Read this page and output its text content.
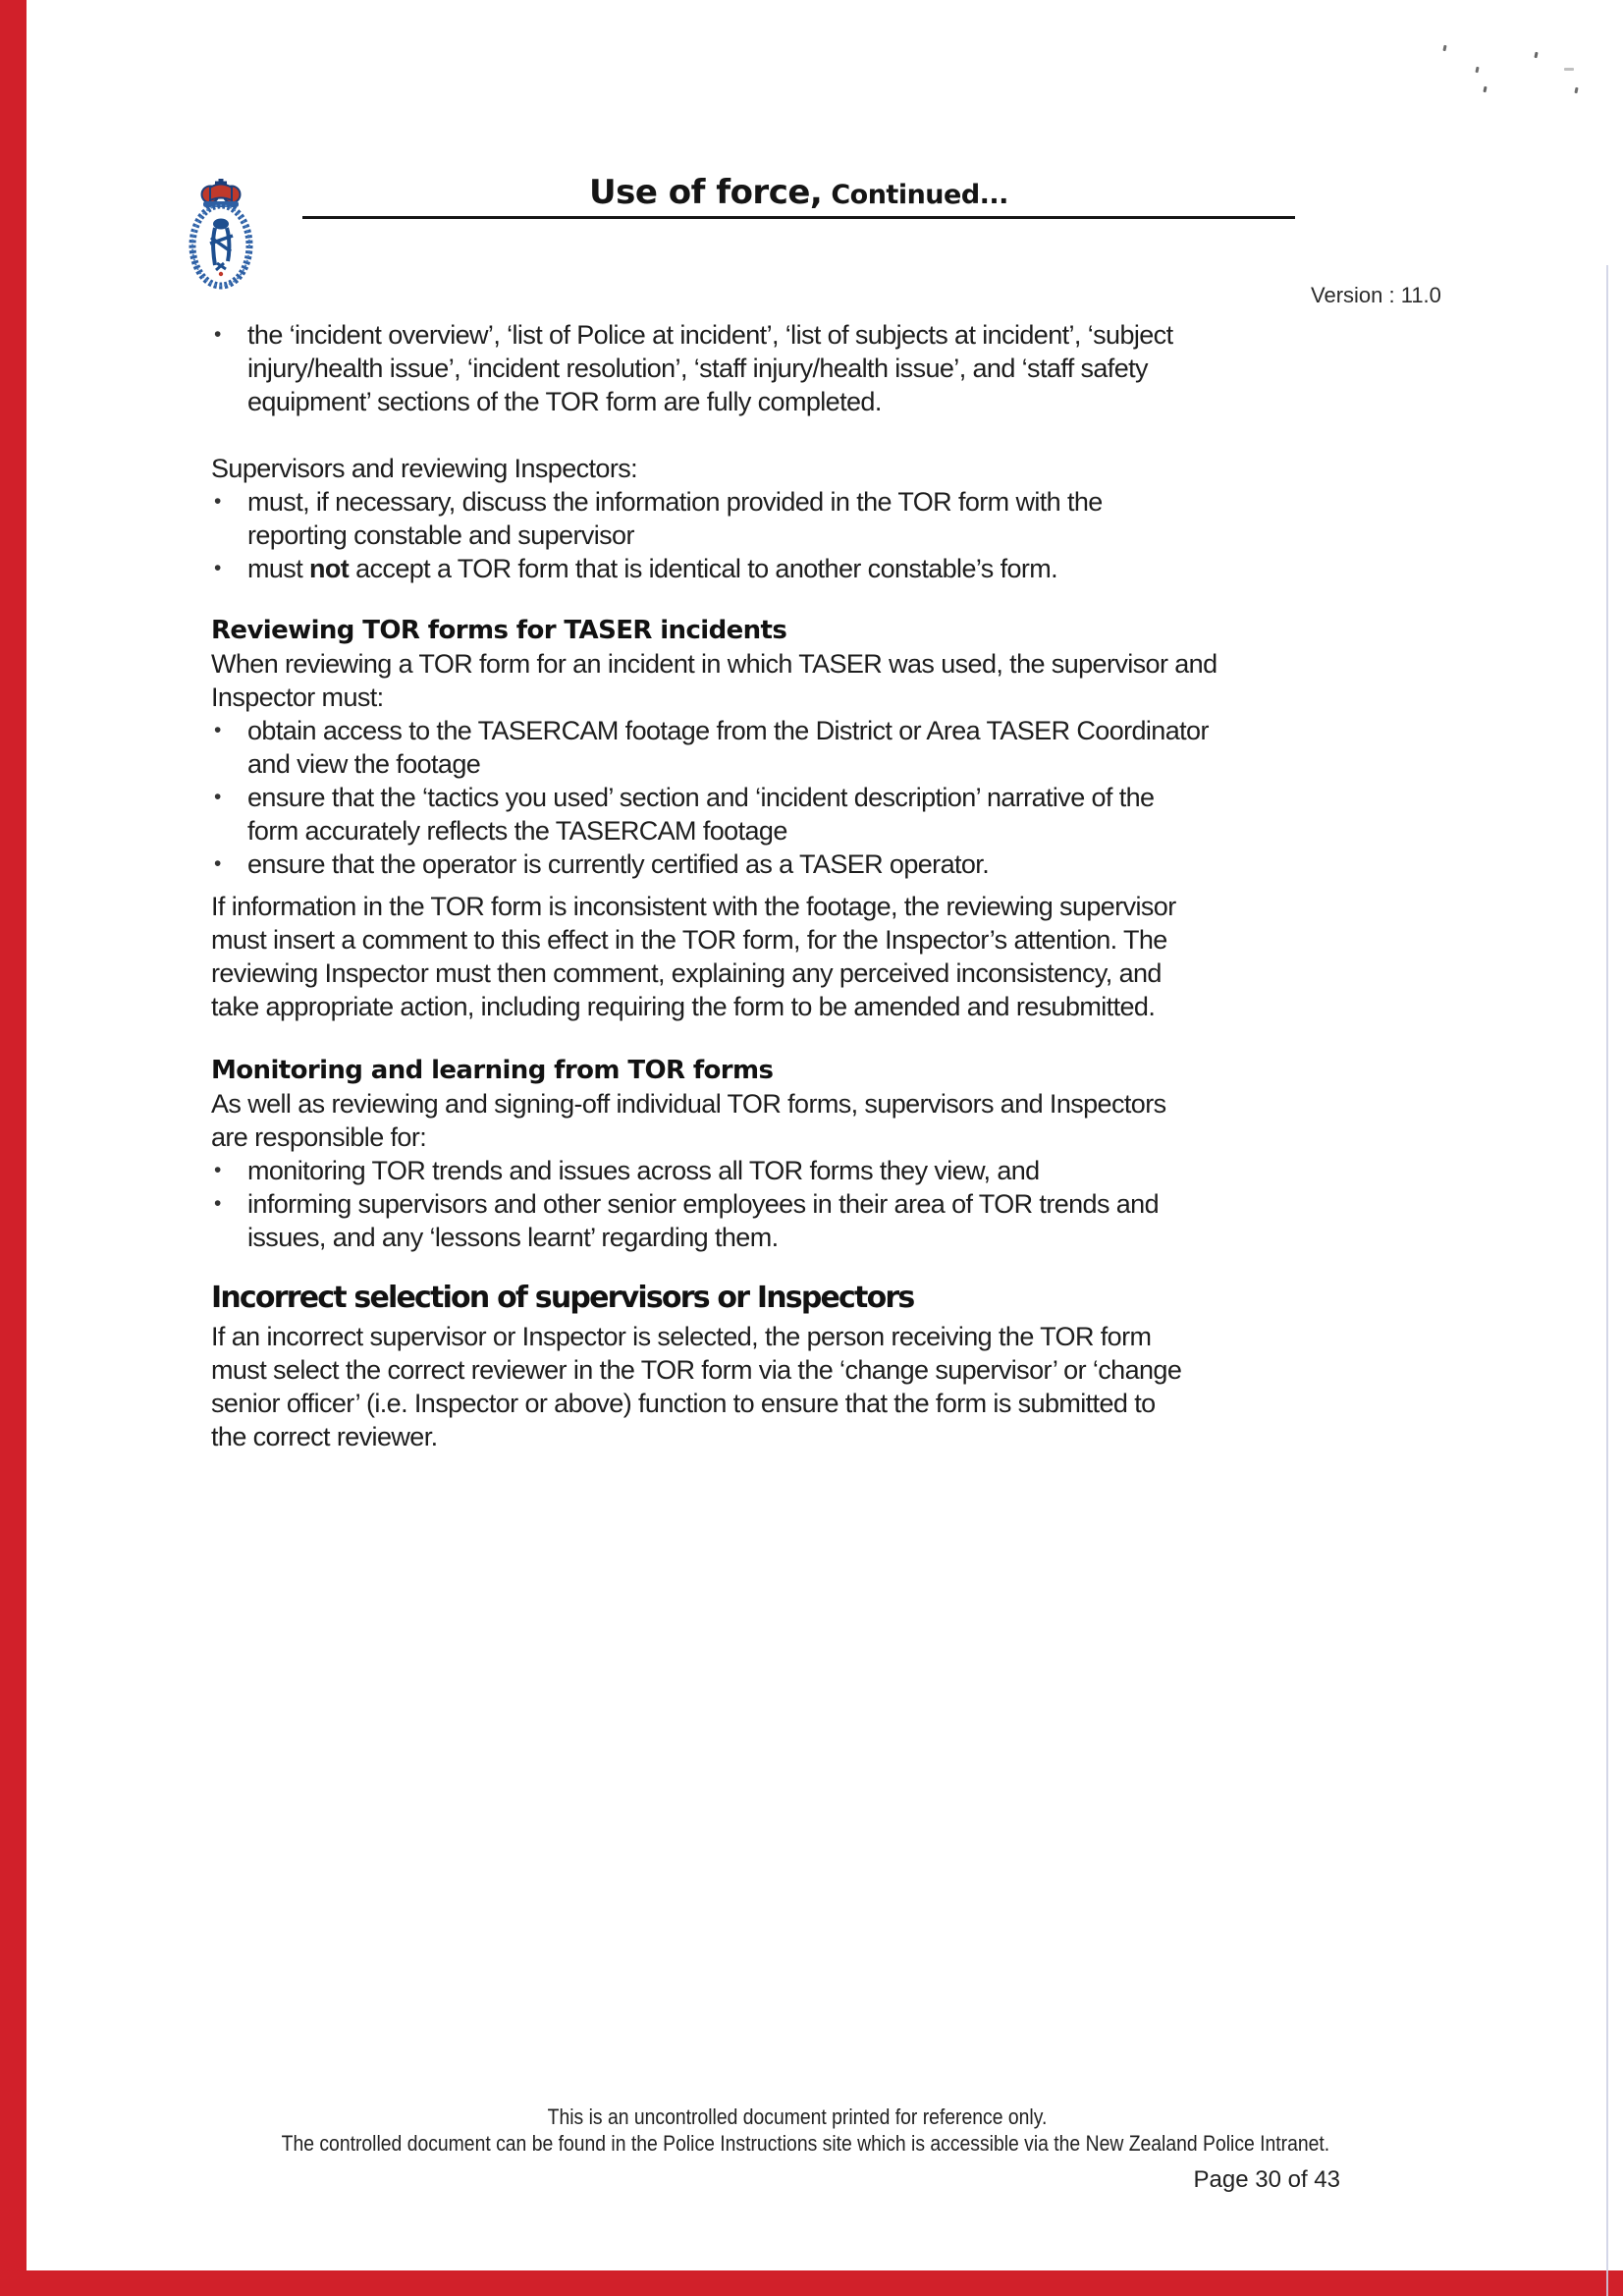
Use of force, Continued...
Version : 11.0
• the ‘incident overview’, ‘list of Police at incident’, ‘list of subjects at incident’, ‘subject
injury/health issue’, ‘incident resolution’, ‘staff injury/health issue’, and ‘staff safety
equipment’ sections of the TOR form are fully completed.
Supervisors and reviewing Inspectors:
• must, if necessary, discuss the information provided in the TOR form with the
reporting constable and supervisor
• must not accept a TOR form that is identical to another constable’s form.
Reviewing TOR forms for TASER incidents
When reviewing a TOR form for an incident in which TASER was used, the supervisor and
Inspector must:
• obtain access to the TASERCAM footage from the District or Area TASER Coordinator
and view the footage
• ensure that the ‘tactics you used’ section and ‘incident description’ narrative of the
form accurately reflects the TASERCAM footage
• ensure that the operator is currently certified as a TASER operator.
If information in the TOR form is inconsistent with the footage, the reviewing supervisor
must insert a comment to this effect in the TOR form, for the Inspector’s attention. The
reviewing Inspector must then comment, explaining any perceived inconsistency, and
take appropriate action, including requiring the form to be amended and resubmitted.
Monitoring and learning from TOR forms
As well as reviewing and signing-off individual TOR forms, supervisors and Inspectors
are responsible for:
• monitoring TOR trends and issues across all TOR forms they view, and
• informing supervisors and other senior employees in their area of TOR trends and
issues, and any ‘lessons learnt’ regarding them.
Incorrect selection of supervisors or Inspectors
If an incorrect supervisor or Inspector is selected, the person receiving the TOR form
must select the correct reviewer in the TOR form via the ‘change supervisor’ or ‘change
senior officer’ (i.e. Inspector or above) function to ensure that the form is submitted to
the correct reviewer.
This is an uncontrolled document printed for reference only.
The controlled document can be found in the Police Instructions site which is accessible via the New Zealand Police Intranet.
Page 30 of 43
